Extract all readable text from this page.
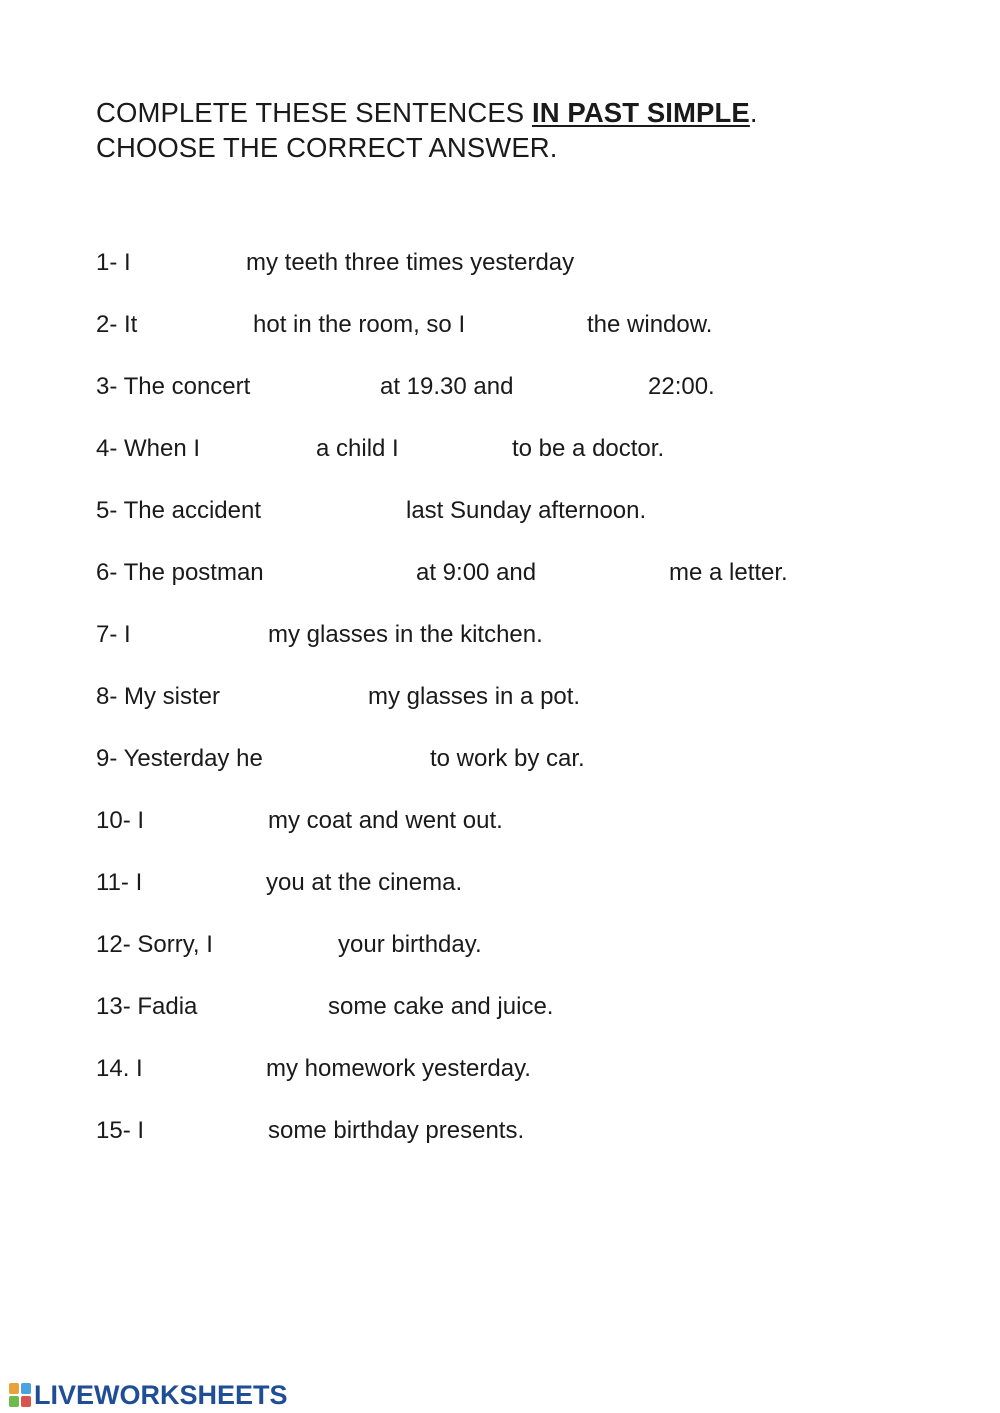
COMPLETE THESE SENTENCES IN PAST SIMPLE.
CHOOSE THE CORRECT ANSWER.
1- I	my teeth three times yesterday
2- It	hot in the room, so I	the window.
3- The concert	at 19.30 and	22:00.
4- When I	a child I	to be a doctor.
5- The accident	last Sunday afternoon.
6- The postman	at 9:00 and	me a letter.
7- I	my glasses in the kitchen.
8- My sister	my glasses in a pot.
9- Yesterday he	to work by car.
10- I	my coat and went out.
11- I	you at the cinema.
12- Sorry, I	your birthday.
13- Fadia	some cake and juice.
14. I	my homework yesterday.
15- I	some birthday presents.
LIVEWORKSHEETS
